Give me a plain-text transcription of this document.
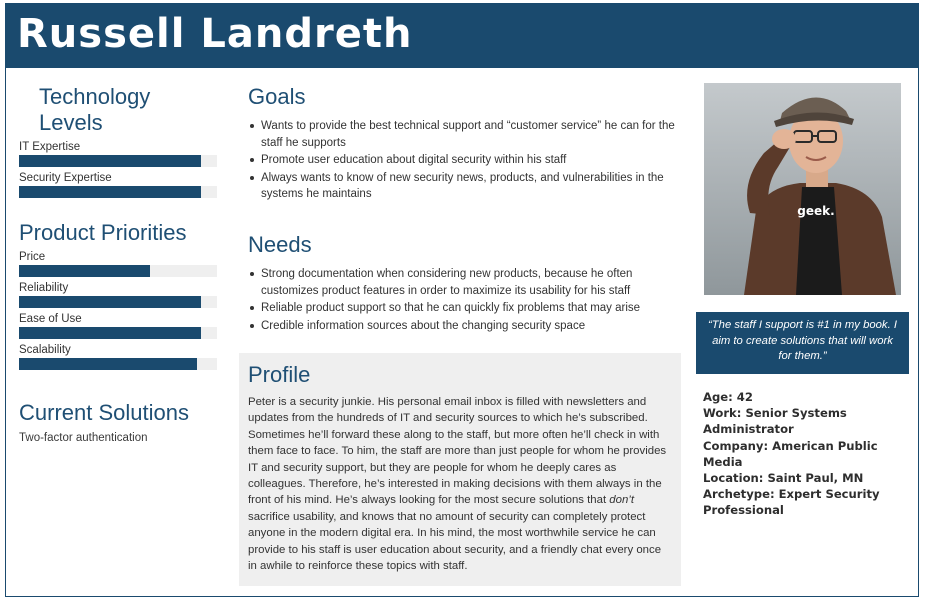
Russell Landreth
Technology Levels
IT Expertise
Security Expertise
Product Priorities
Price
Reliability
Ease of Use
Scalability
Current Solutions
Two-factor authentication
Goals
Wants to provide the best technical support and “customer service” he can for the staff he supports
Promote user education about digital security within his staff
Always wants to know of new security news, products, and vulnerabilities in the systems he maintains
Needs
Strong documentation when considering new products, because he often customizes product features in order to maximize its usability for his staff
Reliable product support so that he can quickly fix problems that may arise
Credible information sources about the changing security space
Profile

Peter is a security junkie. His personal email inbox is filled with newsletters and updates from the hundreds of IT and security sources to which he’s subscribed. Sometimes he’ll forward these along to the staff, but more often he’ll check in with them face to face. To him, the staff are more than just people for whom he provides IT and security support, but they are people for whom he deeply cares as colleagues. Therefore, he’s interested in making decisions with them always in the front of his mind. He’s always looking for the most secure solutions that don’t sacrifice usability, and knows that no amount of security can completely protect anyone in the modern digital era. In his mind, the most worthwhile service he can provide to his staff is user education about security, and a friendly chat every once in awhile to reinforce these topics with staff.

geek.
“The staff I support is #1 in my book. I aim to create solutions that will work for them.”
Age: 42
Work: Senior Systems Administrator
Company: American Public Media
Location: Saint Paul, MN
Archetype: Expert Security Professional
